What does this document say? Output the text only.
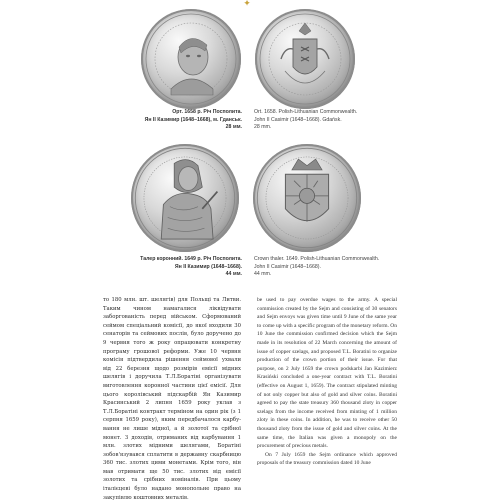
✦
Орт. 1658 р. Річ Посполита.
Ян II Казимир (1648–1668), м. Гданськ.
28 мм.
Ort. 1658. Polish-Lithuanian Commonwealth.
John II Casimir (1648–1668). Gdańsk.
28 mm.
Талер коронний. 1649 р. Річ Посполита.
Ян II Казимир (1648–1668).
44 мм.
Crown thaler. 1649. Polish-Lithuanian Commonwealth.
John II Casimir (1648–1668).
44 mm.

то 180 млн. шт. шелягів) для Польщі та Литви. Таким чином намагалися ліквідувати заборгованість перед військом. Сформований сеймом спеціальний комісії, до якої входили 30 сенаторів та сеймових послів, було доручено до 9 червня того ж року опрацювати конкретну програму грошової реформи. Уже 10 червня комісія підтвердила рішення сеймової ухвали від 22 березня щодо розмірів емісії мідних шелягів і доручила Т.Л.Боратіні організувати виготовлення коронної частини цієї емісії. Для цього королівський підскарбій Ян Казимир Красинський 2 липня 1659 року уклав з Т.Л.Боратіні контракт терміном на один рік (з 1 серпня 1659 року), яким передбачалося карбування не лише мідної, а й золотої та срібної монет. З доходів, отриманих від карбування 1 млн. злотих мідними шелягами, Боратіні зобов'язувався сплатити в державну скарбницю 360 тис. злотих цими монетами. Крім того, він мав отримати ще 50 тис. злотих від емісії золотих та срібних номіналів. При цьому італієцеві було надано монопольне право на закупівлю коштовних металів.

be used to pay overdue wages to the army. A special commission created by the Sejm and consisting of 30 senators and Sejm envoys was given time until 9 June of the same year to come up with a specific program of the monetary reform. On 10 June the commission confirmed decision which the Sejm made in its resolution of 22 March concerning the amount of issue of copper szelags, and proposed T.L. Boratini to organize production of the crown portion of their issue. For that purpose, on 2 July 1659 the crown podskarbi Jan Kazimierz Krasiński concluded a one-year contract with T.L. Boratini (effective on August 1, 1659). The contract stipulated minting of not only copper but also of gold and silver coins. Boratini agreed to pay the state treasury 360 thousand zloty in copper szelags from the income received from minting of 1 million zloty in these coins. In addition, he was to receive other 50 thousand zloty from the issue of gold and silver coins. At the same time, the Italian was given a monopoly on the procurement of precious metals.

On 7 July 1659 the Sejm ordinance which approved proposals of the treasury commission dated 10 June
